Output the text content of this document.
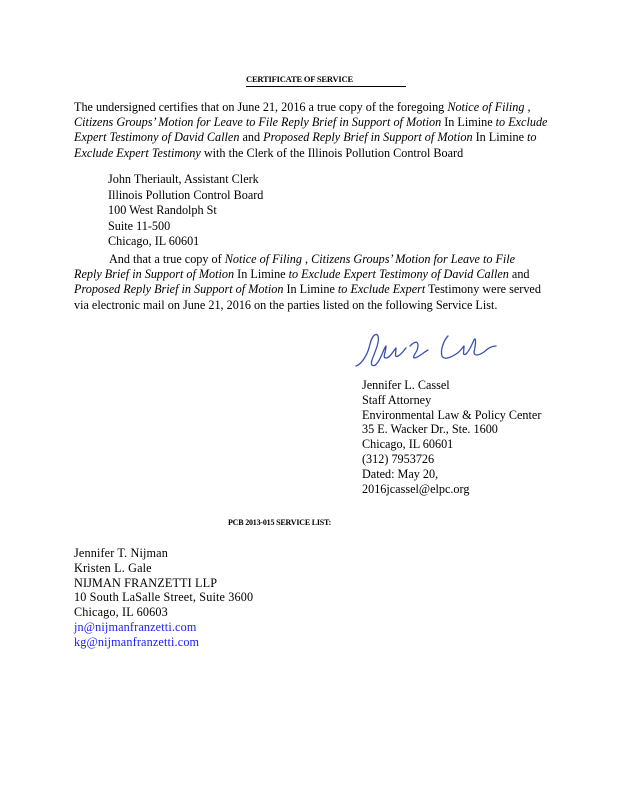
CERTIFICATE OF SERVICE
The undersigned certifies that on June 21, 2016 a true copy of the foregoing Notice of Filing ,
Citizens Groups’ Motion for Leave to File Reply Brief in Support of Motion In Limine to Exclude
Expert Testimony of David Callen and Proposed Reply Brief in Support of Motion In Limine to
Exclude Expert Testimony with the Clerk of the Illinois Pollution Control Board
John Theriault, Assistant Clerk
Illinois Pollution Control Board
100 West Randolph St
Suite 11-500
Chicago, IL 60601
And that a true copy of Notice of Filing , Citizens Groups’ Motion for Leave to File
Reply Brief in Support of Motion In Limine to Exclude Expert Testimony of David Callen and
Proposed Reply Brief in Support of Motion In Limine to Exclude Expert Testimony were served
via electronic mail on June 21, 2016 on the parties listed on the following Service List.
Jennifer L. Cassel
Staff Attorney
Environmental Law & Policy Center
35 E. Wacker Dr., Ste. 1600
Chicago, IL 60601
(312) 7953726
Dated: May 20,
2016jcassel@elpc.org
PCB 2013-015 SERVICE LIST:
Jennifer T. Nijman
Kristen L. Gale
NIJMAN FRANZETTI LLP
10 South LaSalle Street, Suite 3600
Chicago, IL 60603
jn@nijmanfranzetti.com
kg@nijmanfranzetti.com
